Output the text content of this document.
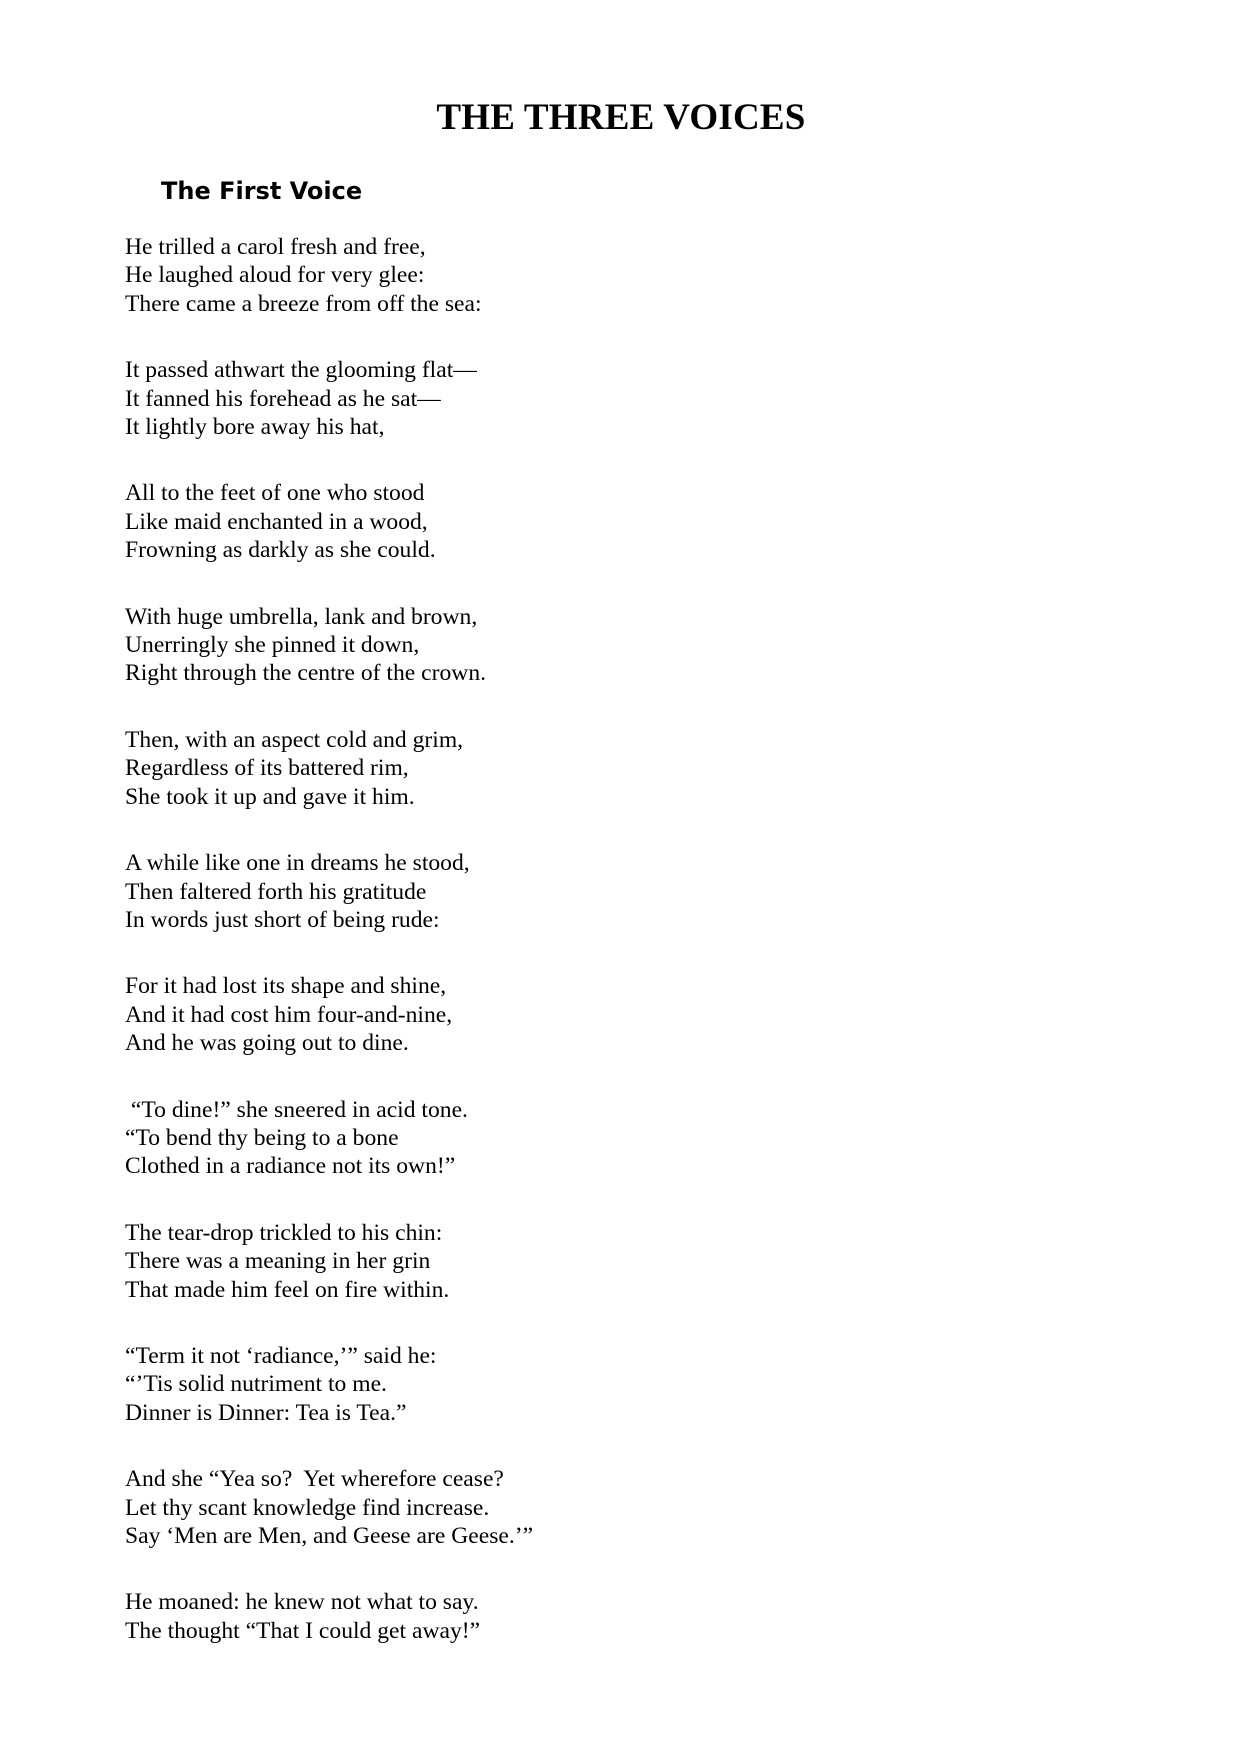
THE THREE VOICES
The First Voice
He trilled a carol fresh and free,
He laughed aloud for very glee:
There came a breeze from off the sea:
It passed athwart the glooming flat—
It fanned his forehead as he sat—
It lightly bore away his hat,
All to the feet of one who stood
Like maid enchanted in a wood,
Frowning as darkly as she could.
With huge umbrella, lank and brown,
Unerringly she pinned it down,
Right through the centre of the crown.
Then, with an aspect cold and grim,
Regardless of its battered rim,
She took it up and gave it him.
A while like one in dreams he stood,
Then faltered forth his gratitude
In words just short of being rude:
For it had lost its shape and shine,
And it had cost him four-and-nine,
And he was going out to dine.
“To dine!” she sneered in acid tone.
“To bend thy being to a bone
Clothed in a radiance not its own!”
The tear-drop trickled to his chin:
There was a meaning in her grin
That made him feel on fire within.
“Term it not ‘radiance,’” said he:
“’Tis solid nutriment to me.
Dinner is Dinner: Tea is Tea.”
And she “Yea so?  Yet wherefore cease?
Let thy scant knowledge find increase.
Say ‘Men are Men, and Geese are Geese.’”
He moaned: he knew not what to say.
The thought “That I could get away!”
